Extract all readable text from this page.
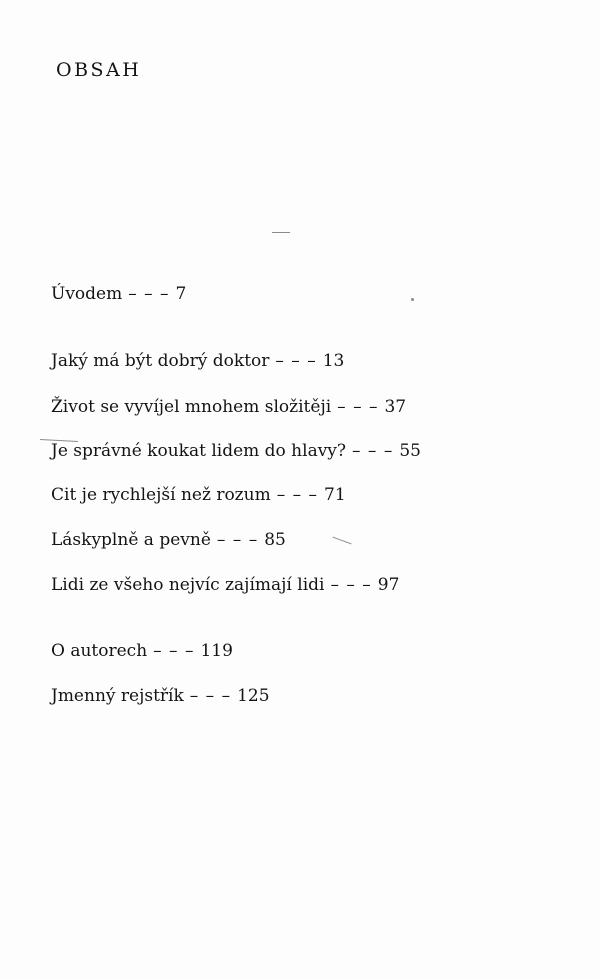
OBSAH
Úvodem – – – 7
Jaký má být dobrý doktor – – – 13
Život se vyvíjel mnohem složitěji – – – 37
Je správné koukat lidem do hlavy? – – – 55
Cit je rychlejší než rozum – – – 71
Láskyplně a pevně – – – 85
Lidi ze všeho nejvíc zajímají lidi – – – 97
O autorech – – – 119
Jmenný rejstřík – – – 125
